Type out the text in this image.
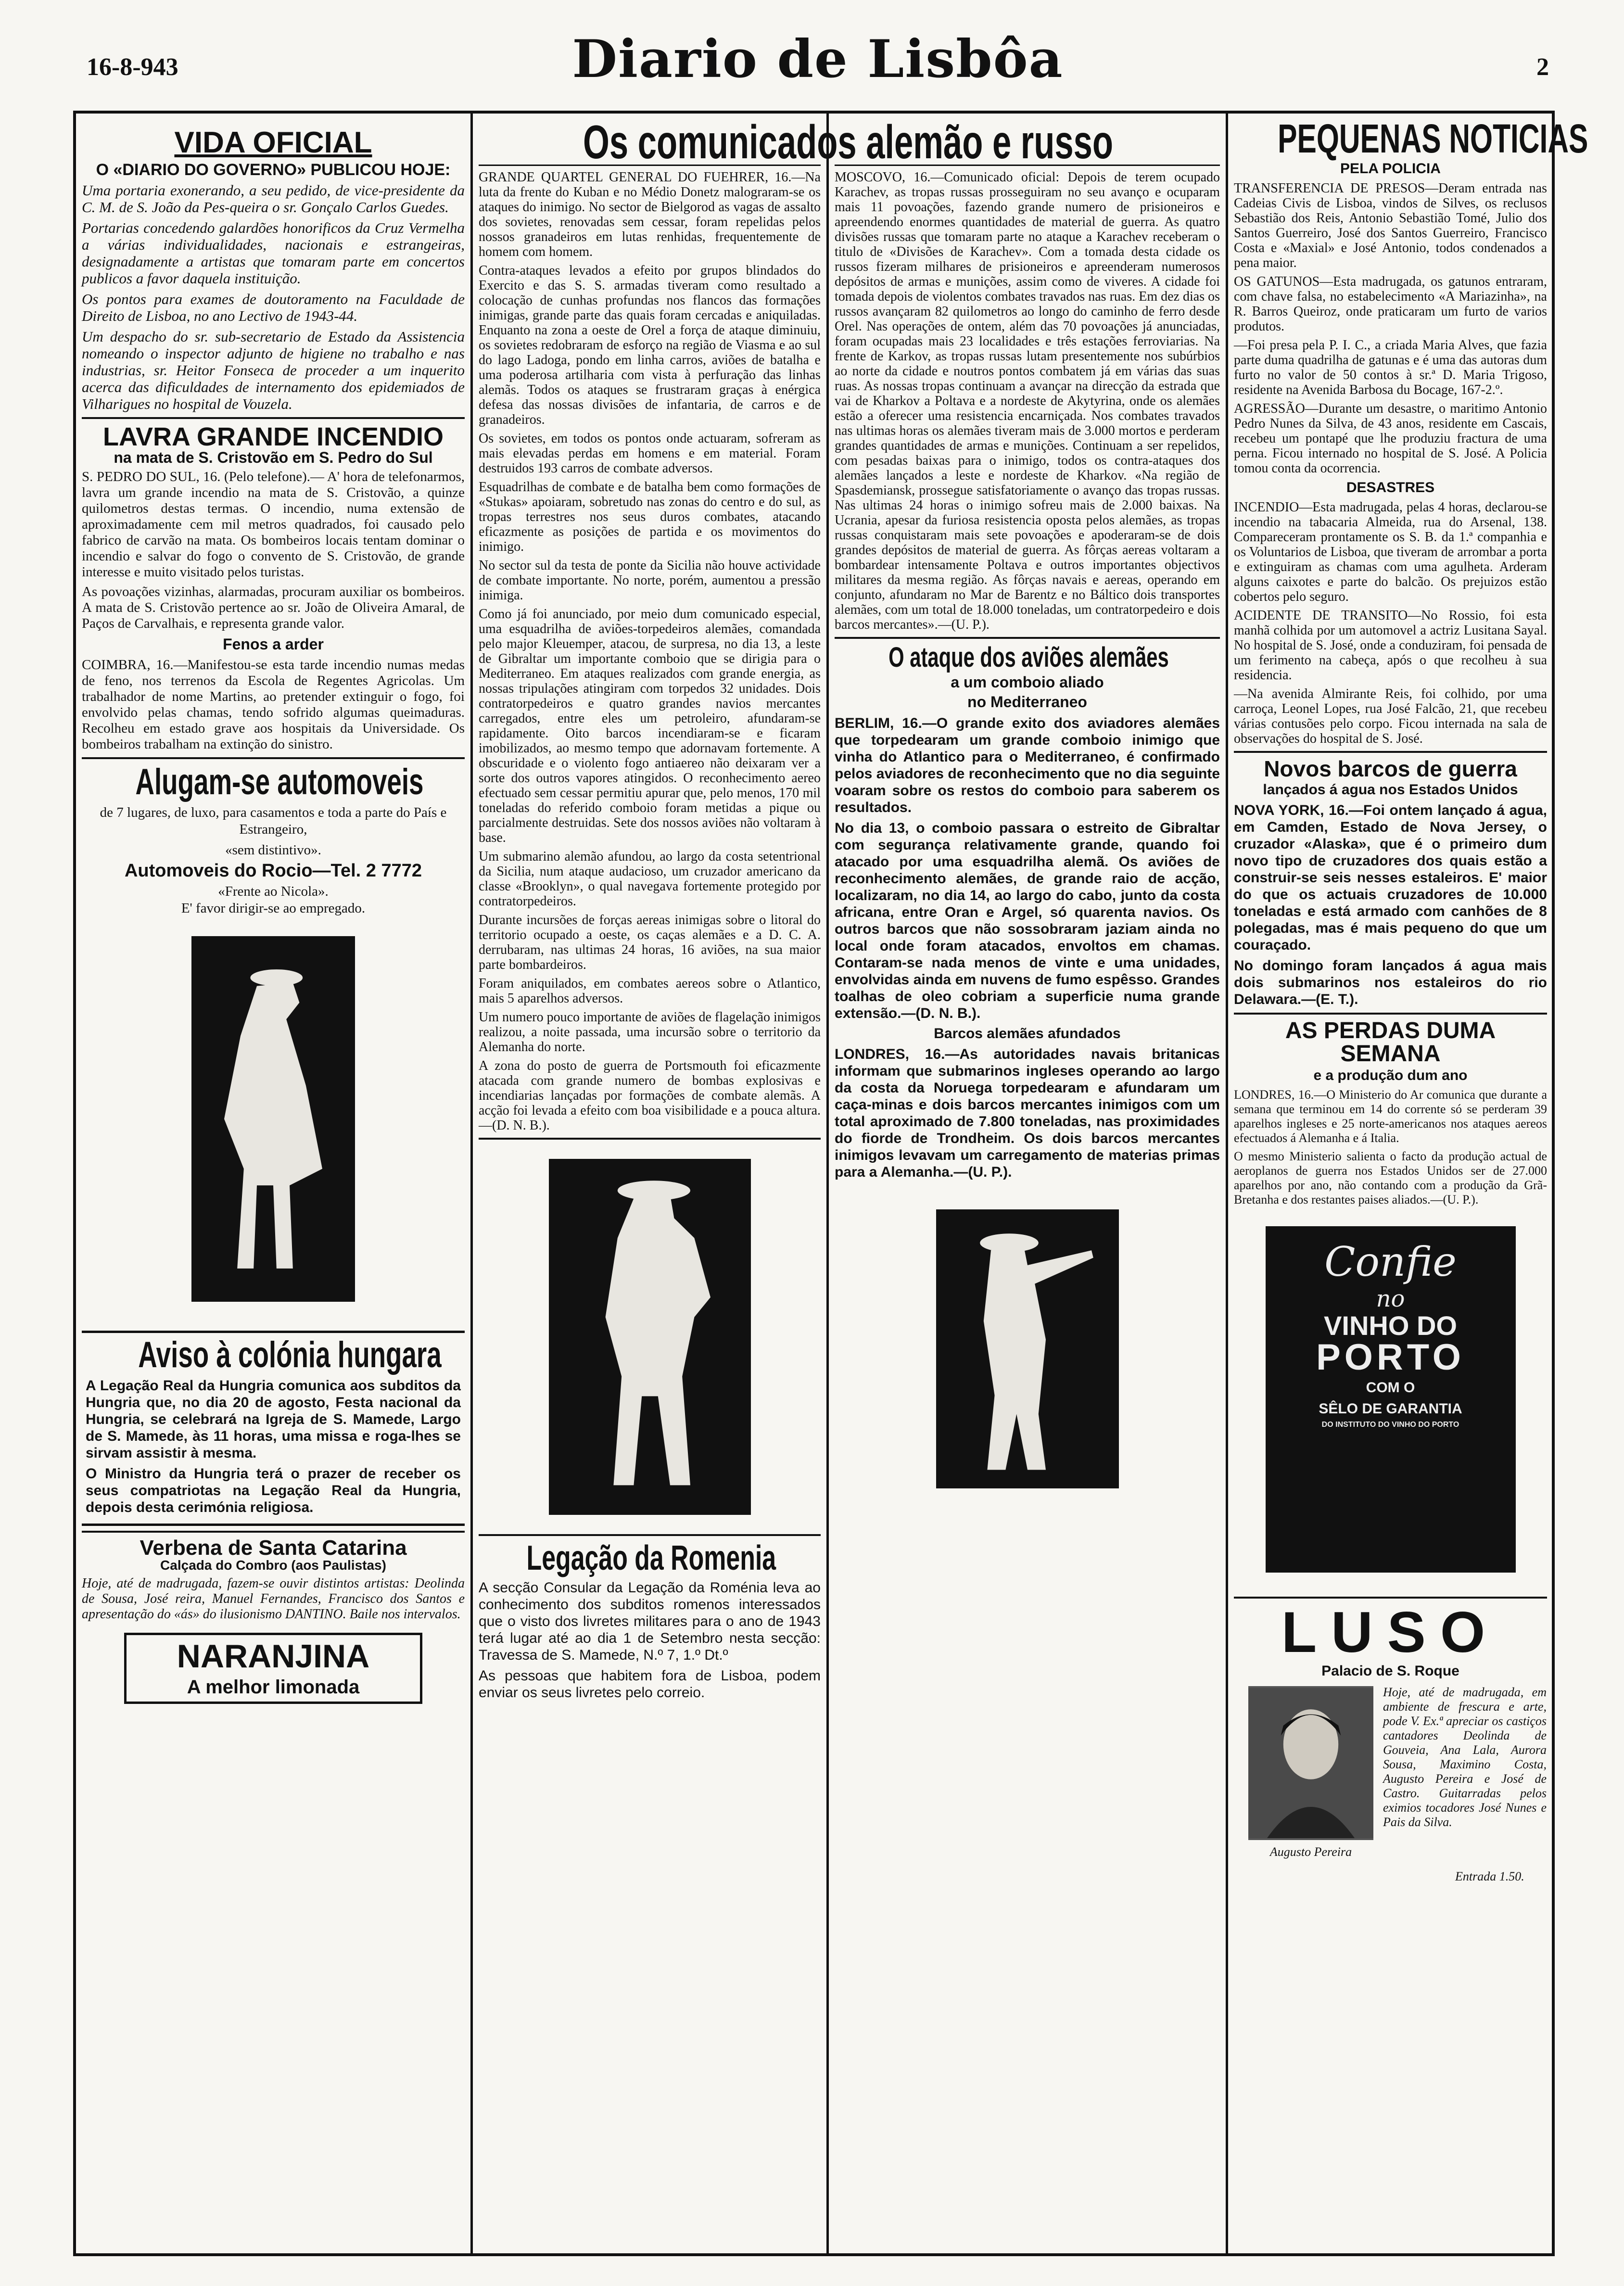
16-8-943	Diario de Lisbôa	2
VIDA OFICIAL
O «DIARIO DO GOVERNO» PUBLICOU HOJE:

Uma portaria exonerando, a seu pedido, de vice-presidente da C. M. de S. João da Pes-queira o sr. Gonçalo Carlos Guedes.

Portarias concedendo galardões honorificos da Cruz Vermelha a várias individualidades, nacionais e estrangeiras, designadamente a artistas que tomaram parte em concertos publicos a favor daquela instituição.

Os pontos para exames de doutoramento na Faculdade de Direito de Lisboa, no ano Lectivo de 1943-44.

Um despacho do sr. sub-secretario de Estado da Assistencia nomeando o inspector adjunto de higiene no trabalho e nas industrias, sr. Heitor Fonseca de proceder a um inquerito acerca das dificuldades de internamento dos epidemiados de Vilharigues no hospital de Vouzela.

LAVRA GRANDE INCENDIO
na mata de S. Cristovão em S. Pedro do Sul

S. PEDRO DO SUL, 16. (Pelo telefone).— A' hora de telefonarmos, lavra um grande incendio na mata de S. Cristovão, a quinze quilometros destas termas. O incendio, numa extensão de aproximadamente cem mil metros quadrados, foi causado pelo fabrico de carvão na mata. Os bombeiros locais tentam dominar o incendio e salvar do fogo o convento de S. Cristovão, de grande interesse e muito visitado pelos turistas.

As povoações vizinhas, alarmadas, procuram auxiliar os bombeiros. A mata de S. Cristovão pertence ao sr. João de Oliveira Amaral, de Paços de Carvalhais, e representa grande valor.

Fenos a arder

COIMBRA, 16.—Manifestou-se esta tarde incendio numas medas de feno, nos terrenos da Escola de Regentes Agricolas. Um trabalhador de nome Martins, ao pretender extinguir o fogo, foi envolvido pelas chamas, tendo sofrido algumas queimaduras. Recolheu em estado grave aos hospitais da Universidade. Os bombeiros trabalham na extinção do sinistro.

Alugam-se automoveis

de 7 lugares, de luxo, para casamentos e toda a parte do País e Estrangeiro,

«sem distintivo».

Automoveis do Rocio—Tel. 2 7772

«Frente ao Nicola».

E' favor dirigir-se ao empregado.

Aviso à colónia hungara

A Legação Real da Hungria comunica aos subditos da Hungria que, no dia 20 de agosto, Festa nacional da Hungria, se celebrará na Igreja de S. Mamede, Largo de S. Mamede, às 11 horas, uma missa e roga-lhes se sirvam assistir à mesma.

O Ministro da Hungria terá o prazer de receber os seus compatriotas na Legação Real da Hungria, depois desta cerimónia religiosa.

Verbena de Santa Catarina
Calçada do Combro (aos Paulistas)

Hoje, até de madrugada, fazem-se ouvir distintos artistas: Deolinda de Sousa, José reira, Manuel Fernandes, Francisco dos Santos e apresentação do «ás» do ilusionismo DANTINO. Baile nos intervalos.

NARANJINA
A melhor limonada

GRANDE QUARTEL GENERAL DO FUEHRER, 16.—Na luta da frente do Kuban e no Médio Donetz malograram-se os ataques do inimigo. No sector de Bielgorod as vagas de assalto dos sovietes, renovadas sem cessar, foram repelidas pelos nossos granadeiros em lutas renhidas, frequentemente de homem com homem.

Contra-ataques levados a efeito por grupos blindados do Exercito e das S. S. armadas tiveram como resultado a colocação de cunhas profundas nos flancos das formações inimigas, grande parte das quais foram cercadas e aniquiladas. Enquanto na zona a oeste de Orel a força de ataque diminuiu, os sovietes redobraram de esforço na região de Viasma e ao sul do lago Ladoga, pondo em linha carros, aviões de batalha e uma poderosa artilharia com vista à perfuração das linhas alemãs. Todos os ataques se frustraram graças à enérgica defesa das nossas divisões de infantaria, de carros e de granadeiros.

Os sovietes, em todos os pontos onde actuaram, sofreram as mais elevadas perdas em homens e em material. Foram destruidos 193 carros de combate adversos.

Esquadrilhas de combate e de batalha bem como formações de «Stukas» apoiaram, sobretudo nas zonas do centro e do sul, as tropas terrestres nos seus duros combates, atacando eficazmente as posições de partida e os movimentos do inimigo.

No sector sul da testa de ponte da Sicilia não houve actividade de combate importante. No norte, porém, aumentou a pressão inimiga.

Como já foi anunciado, por meio dum comunicado especial, uma esquadrilha de aviões-torpedeiros alemães, comandada pelo major Kleuemper, atacou, de surpresa, no dia 13, a leste de Gibraltar um importante comboio que se dirigia para o Mediterraneo. Em ataques realizados com grande energia, as nossas tripulações atingiram com torpedos 32 unidades. Dois contratorpedeiros e quatro grandes navios mercantes carregados, entre eles um petroleiro, afundaram-se rapidamente. Oito barcos incendiaram-se e ficaram imobilizados, ao mesmo tempo que adornavam fortemente. A obscuridade e o violento fogo antiaereo não deixaram ver a sorte dos outros vapores atingidos. O reconhecimento aereo efectuado sem cessar permitiu apurar que, pelo menos, 170 mil toneladas do referido comboio foram metidas a pique ou parcialmente destruidas. Sete dos nossos aviões não voltaram à base.

Um submarino alemão afundou, ao largo da costa setentrional da Sicilia, num ataque audacioso, um cruzador americano da classe «Brooklyn», o qual navegava fortemente protegido por contratorpedeiros.

Durante incursões de forças aereas inimigas sobre o litoral do territorio ocupado a oeste, os caças alemães e a D. C. A. derrubaram, nas ultimas 24 horas, 16 aviões, na sua maior parte bombardeiros.

Foram aniquilados, em combates aereos sobre o Atlantico, mais 5 aparelhos adversos.

Um numero pouco importante de aviões de flagelação inimigos realizou, a noite passada, uma incursão sobre o territorio da Alemanha do norte.

A zona do posto de guerra de Portsmouth foi eficazmente atacada com grande numero de bombas explosivas e incendiarias lançadas por formações de combate alemãs. A acção foi levada a efeito com boa visibilidade e a pouca altura.—(D. N. B.).

Legação da Romenia

A secção Consular da Legação da Roménia leva ao conhecimento dos subditos romenos interessados que o visto dos livretes militares para o ano de 1943 terá lugar até ao dia 1 de Setembro nesta secção: Travessa de S. Mamede, N.º 7, 1.º Dt.º

As pessoas que habitem fora de Lisboa, podem enviar os seus livretes pelo correio.

MOSCOVO, 16.—Comunicado oficial: Depois de terem ocupado Karachev, as tropas russas prosseguiram no seu avanço e ocuparam mais 11 povoações, fazendo grande numero de prisioneiros e apreendendo enormes quantidades de material de guerra. As quatro divisões russas que tomaram parte no ataque a Karachev receberam o titulo de «Divisões de Karachev». Com a tomada desta cidade os russos fizeram milhares de prisioneiros e apreenderam numerosos depósitos de armas e munições, assim como de viveres. A cidade foi tomada depois de violentos combates travados nas ruas. Em dez dias os russos avançaram 82 quilometros ao longo do caminho de ferro desde Orel. Nas operações de ontem, além das 70 povoações já anunciadas, foram ocupadas mais 23 localidades e três estações ferroviarias. Na frente de Karkov, as tropas russas lutam presentemente nos subúrbios ao norte da cidade e noutros pontos combatem já em várias das suas ruas. As nossas tropas continuam a avançar na direcção da estrada que vai de Kharkov a Poltava e a nordeste de Akytyrina, onde os alemães estão a oferecer uma resistencia encarniçada. Nos combates travados nas ultimas horas os alemães tiveram mais de 3.000 mortos e perderam grandes quantidades de armas e munições. Continuam a ser repelidos, com pesadas baixas para o inimigo, todos os contra-ataques dos alemães lançados a leste e nordeste de Kharkov. «Na região de Spasdemiansk, prossegue satisfatoriamente o avanço das tropas russas. Nas ultimas 24 horas o inimigo sofreu mais de 2.000 baixas. Na Ucrania, apesar da furiosa resistencia oposta pelos alemães, as tropas russas conquistaram mais sete povoações e apoderaram-se de dois grandes depósitos de material de guerra. As fôrças aereas voltaram a bombardear intensamente Poltava e outros importantes objectivos militares da mesma região. As fôrças navais e aereas, operando em conjunto, afundaram no Mar de Barentz e no Báltico dois transportes alemães, com um total de 18.000 toneladas, um contratorpedeiro e dois barcos mercantes».—(U. P.).

O ataque dos aviões alemães
a um comboio aliado
no Mediterraneo

BERLIM, 16.—O grande exito dos aviadores alemães que torpedearam um grande comboio inimigo que vinha do Atlantico para o Mediterraneo, é confirmado pelos aviadores de reconhecimento que no dia seguinte voaram sobre os restos do comboio para saberem os resultados.

No dia 13, o comboio passara o estreito de Gibraltar com segurança relativamente grande, quando foi atacado por uma esquadrilha alemã. Os aviões de reconhecimento alemães, de grande raio de acção, localizaram, no dia 14, ao largo do cabo, junto da costa africana, entre Oran e Argel, só quarenta navios. Os outros barcos que não sossobraram jaziam ainda no local onde foram atacados, envoltos em chamas. Contaram-se nada menos de vinte e uma unidades, envolvidas ainda em nuvens de fumo espêsso. Grandes toalhas de oleo cobriam a superficie numa grande extensão.—(D. N. B.).

Barcos alemães afundados

LONDRES, 16.—As autoridades navais britanicas informam que submarinos ingleses operando ao largo da costa da Noruega torpedearam e afundaram um caça-minas e dois barcos mercantes inimigos com um total aproximado de 7.800 toneladas, nas proximidades do fiorde de Trondheim. Os dois barcos mercantes inimigos levavam um carregamento de materias primas para a Alemanha.—(U. P.).

Os comunicados alemão e russo	PEQUENAS NOTICIAS
PELA POLICIA

TRANSFERENCIA DE PRESOS—Deram entrada nas Cadeias Civis de Lisboa, vindos de Silves, os reclusos Sebastião dos Reis, Antonio Sebastião Tomé, Julio dos Santos Guerreiro, José dos Santos Guerreiro, Francisco Costa e «Maxial» e José Antonio, todos condenados a pena maior.

OS GATUNOS—Esta madrugada, os gatunos entraram, com chave falsa, no estabelecimento «A Mariazinha», na R. Barros Queiroz, onde praticaram um furto de varios produtos.

—Foi presa pela P. I. C., a criada Maria Alves, que fazia parte duma quadrilha de gatunas e é uma das autoras dum furto no valor de 50 contos à sr.ª D. Maria Trigoso, residente na Avenida Barbosa du Bocage, 167-2.º.

AGRESSÃO—Durante um desastre, o maritimo Antonio Pedro Nunes da Silva, de 43 anos, residente em Cascais, recebeu um pontapé que lhe produziu fractura de uma perna. Ficou internado no hospital de S. José. A Policia tomou conta da ocorrencia.

DESASTRES

INCENDIO—Esta madrugada, pelas 4 horas, declarou-se incendio na tabacaria Almeida, rua do Arsenal, 138. Compareceram prontamente os S. B. da 1.ª companhia e os Voluntarios de Lisboa, que tiveram de arrombar a porta e extinguiram as chamas com uma agulheta. Arderam alguns caixotes e parte do balcão. Os prejuizos estão cobertos pelo seguro.

ACIDENTE DE TRANSITO—No Rossio, foi esta manhã colhida por um automovel a actriz Lusitana Sayal. No hospital de S. José, onde a conduziram, foi pensada de um ferimento na cabeça, após o que recolheu à sua residencia.

—Na avenida Almirante Reis, foi colhido, por uma carroça, Leonel Lopes, rua José Falcão, 21, que recebeu várias contusões pelo corpo. Ficou internada na sala de observações do hospital de S. José.

Novos barcos de guerra
lançados á agua nos Estados Unidos

NOVA YORK, 16.—Foi ontem lançado á agua, em Camden, Estado de Nova Jersey, o cruzador «Alaska», que é o primeiro dum novo tipo de cruzadores dos quais estão a construir-se seis nesses estaleiros. E' maior do que os actuais cruzadores de 10.000 toneladas e está armado com canhões de 8 polegadas, mas é mais pequeno do que um couraçado.

No domingo foram lançados á agua mais dois submarinos nos estaleiros do rio Delawara.—(E. T.).

AS PERDAS DUMA SEMANA
e a produção dum ano

LONDRES, 16.—O Ministerio do Ar comunica que durante a semana que terminou em 14 do corrente só se perderam 39 aparelhos ingleses e 25 norte-americanos nos ataques aereos efectuados á Alemanha e á Italia.

O mesmo Ministerio salienta o facto da produção actual de aeroplanos de guerra nos Estados Unidos ser de 27.000 aparelhos por ano, não contando com a produção da Grã-Bretanha e dos restantes paises aliados.—(U. P.).

Confie
no
VINHO DO
PORTO
COM O
SÊLO DE GARANTIA
DO INSTITUTO DO VINHO DO PORTO
LUSO
Palacio de S. Roque
Augusto Pereira

Hoje, até de madrugada, em ambiente de frescura e arte, pode V. Ex.ª apreciar os castiços cantadores Deolinda de Gouveia, Ana Lala, Aurora Sousa, Maximino Costa, Augusto Pereira e José de Castro. Guitarradas pelos eximios tocadores José Nunes e Pais da Silva.

Entrada 1.50.
